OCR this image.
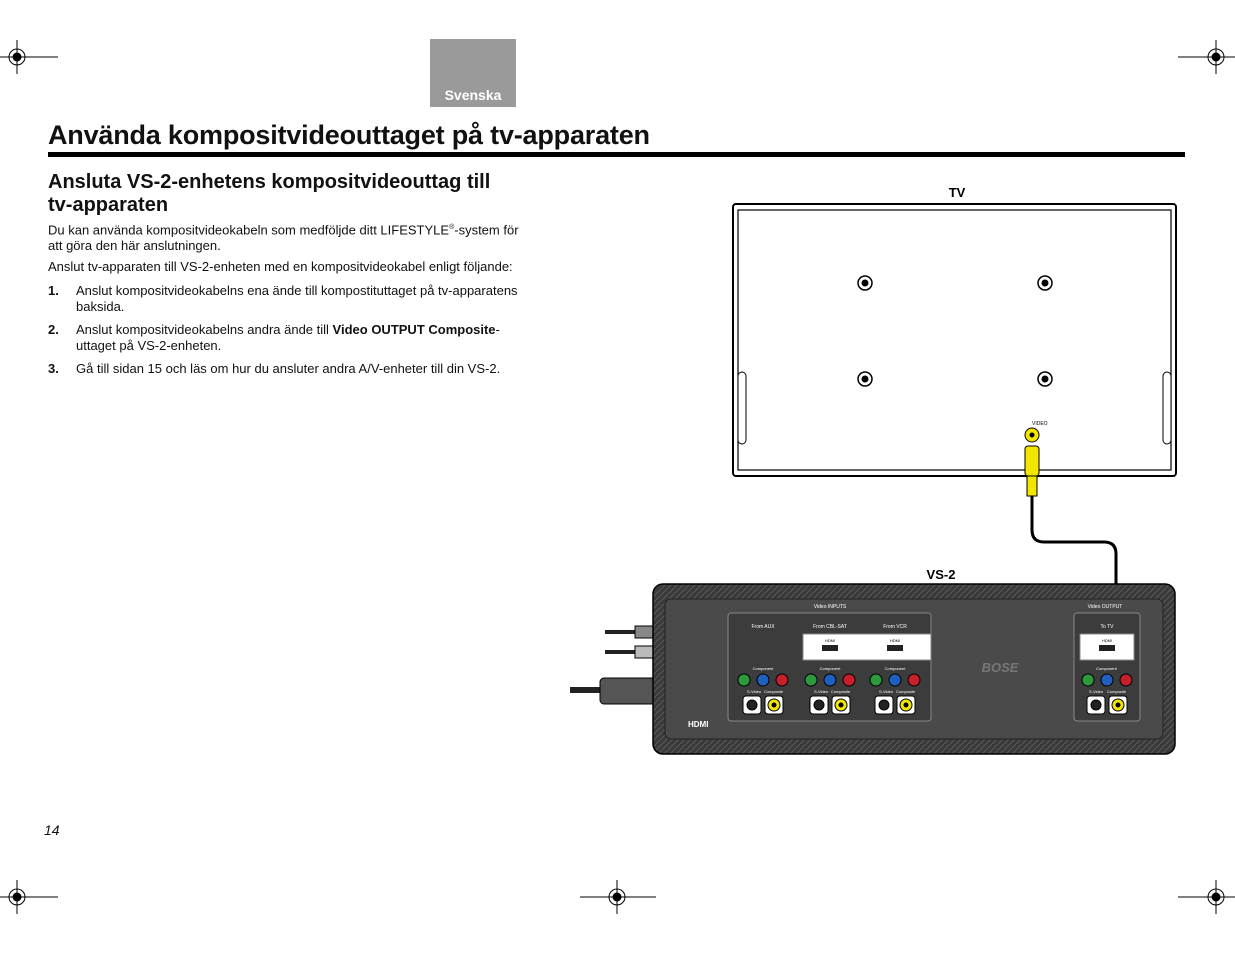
Svenska
Använda kompositvideouttaget på tv-apparaten
Ansluta VS-2-enhetens kompositvideouttag till
tv-apparaten
Du kan använda kompositvideokabeln som medföljde ditt LIFESTYLE®-system för
att göra den här anslutningen.
Anslut tv-apparaten till VS-2-enheten med en kompositvideokabel enligt följande:
1. Anslut kompositvideokabelns ena ände till kompostituttaget på tv-apparatens
baksida.
2. Anslut kompositvideokabelns andra ände till Video OUTPUT Composite-
uttaget på VS-2-enheten.
3. Gå till sidan 15 och läs om hur du ansluter andra A/V-enheter till din VS-2.
14
TV
VIDEO
VS-2
Video INPUTS	Video OUTPUT
From AUX	From CBL-SAT	From VCR
HDMI	HDMI
Component	Component	Component
S-Video Composite	S-Video Composite	S-Video Composite
BOSE
To TV
HDMI
Component
S-Video Composite
HDMI
